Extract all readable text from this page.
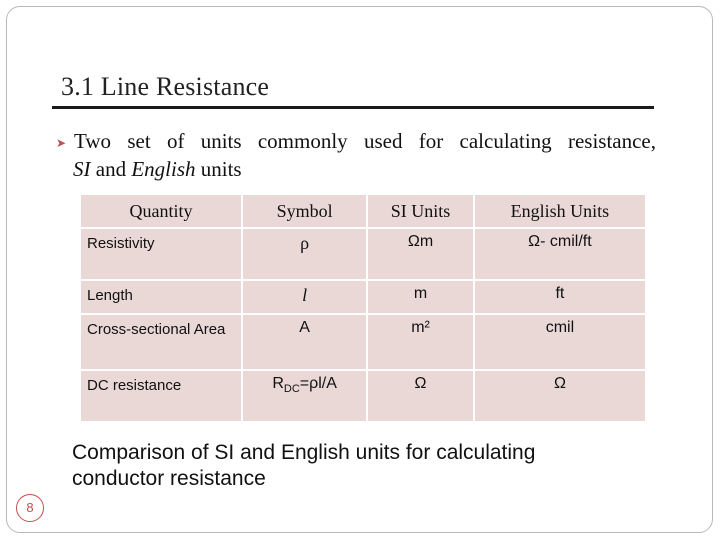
3.1 Line Resistance
➤ Two set of units commonly used for calculating resistance,
SI and English units
Quantity	Symbol	SI Units	English Units
Resistivity	ρ	Ωm	Ω- cmil/ft
Length	l	m	ft
Cross-sectional Area	A	m²	cmil
DC resistance	$R_{DC}=\rho l/A$	Ω	Ω
Comparison of SI and English units for calculating conductor resistance
8
